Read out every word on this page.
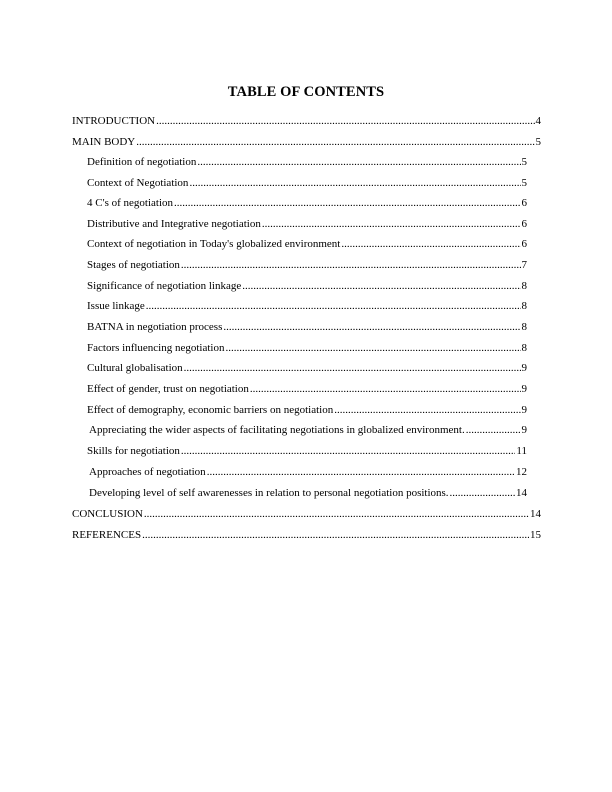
TABLE OF CONTENTS
INTRODUCTION .....	4
MAIN BODY .....	5
Definition of negotiation .....	5
Context of Negotiation .....	5
4 C's of negotiation .....	6
Distributive and Integrative negotiation .....	6
Context of negotiation in Today's globalized environment .....	6
Stages of negotiation .....	7
Significance of negotiation linkage .....	8
Issue linkage .....	8
BATNA in negotiation process .....	8
Factors influencing negotiation .....	8
Cultural globalisation .....	9
Effect of gender, trust on negotiation .....	9
Effect of demography, economic barriers on negotiation .....	9
Appreciating the wider aspects of facilitating negotiations in globalized environment. .....	9
Skills for negotiation .....	11
Approaches of negotiation .....	12
Developing level of self awarenesses in relation to personal negotiation positions. .....	14
CONCLUSION .....	14
REFERENCES .....	15
